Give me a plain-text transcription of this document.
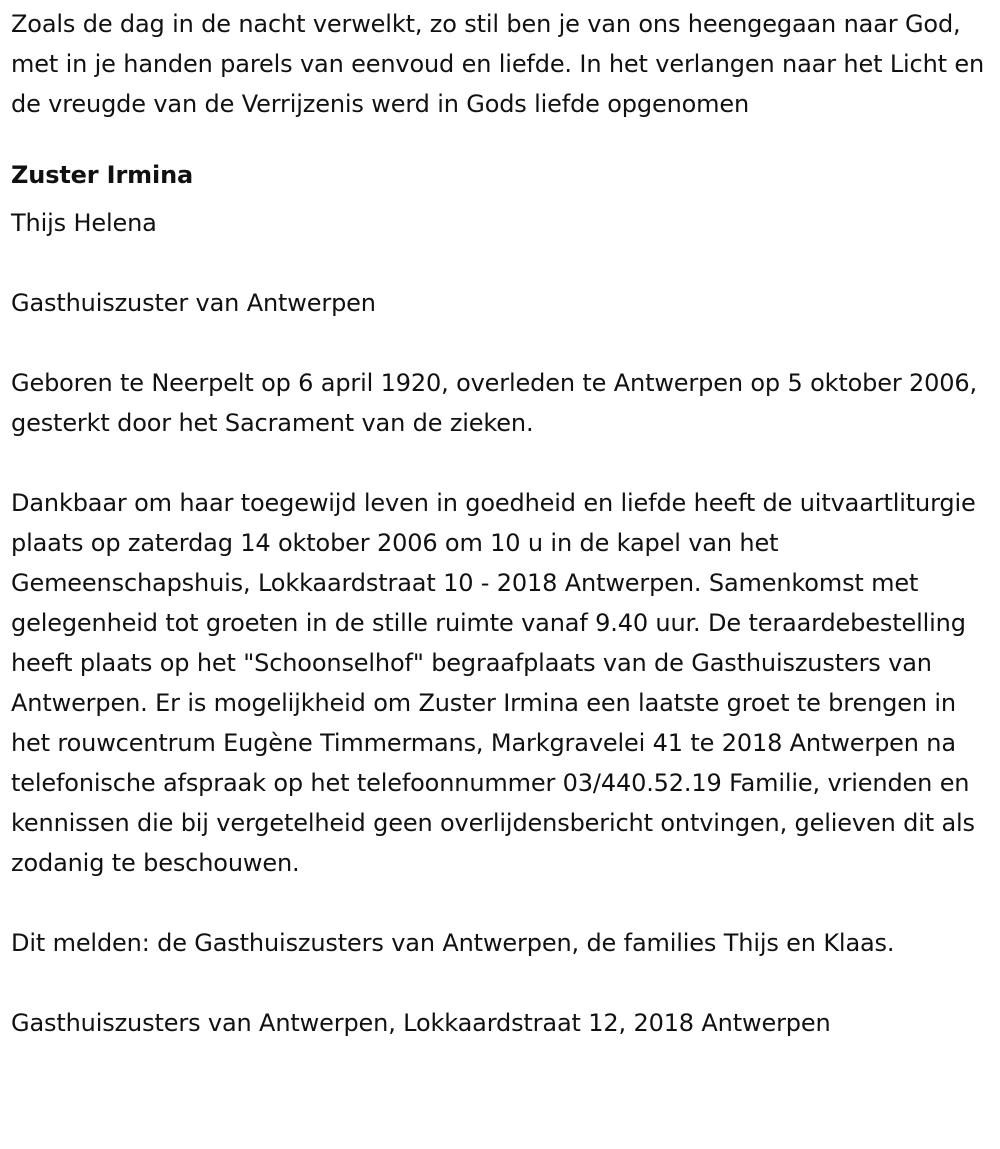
Zoals de dag in de nacht verwelkt, zo stil ben je van ons heengegaan naar God, met in je handen parels van eenvoud en liefde. In het verlangen naar het Licht en de vreugde van de Verrijzenis werd in Gods liefde opgenomen

Zuster Irmina

Thijs Helena

Gasthuiszuster van Antwerpen

Geboren te Neerpelt op 6 april 1920, overleden te Antwerpen op 5 oktober 2006, gesterkt door het Sacrament van de zieken.

Dankbaar om haar toegewijd leven in goedheid en liefde heeft de uitvaartliturgie plaats op zaterdag 14 oktober 2006 om 10 u in de kapel van het Gemeenschapshuis, Lokkaardstraat 10 - 2018 Antwerpen. Samenkomst met gelegenheid tot groeten in de stille ruimte vanaf 9.40 uur. De teraardebestelling heeft plaats op het "Schoonselhof" begraafplaats van de Gasthuiszusters van Antwerpen. Er is mogelijkheid om Zuster Irmina een laatste groet te brengen in het rouwcentrum Eugène Timmermans, Markgravelei 41 te 2018 Antwerpen na telefonische afspraak op het telefoonnummer 03/440.52.19 Familie, vrienden en kennissen die bij vergetelheid geen overlijdensbericht ontvingen, gelieven dit als zodanig te beschouwen.

Dit melden: de Gasthuiszusters van Antwerpen, de families Thijs en Klaas.

Gasthuiszusters van Antwerpen, Lokkaardstraat 12, 2018 Antwerpen
